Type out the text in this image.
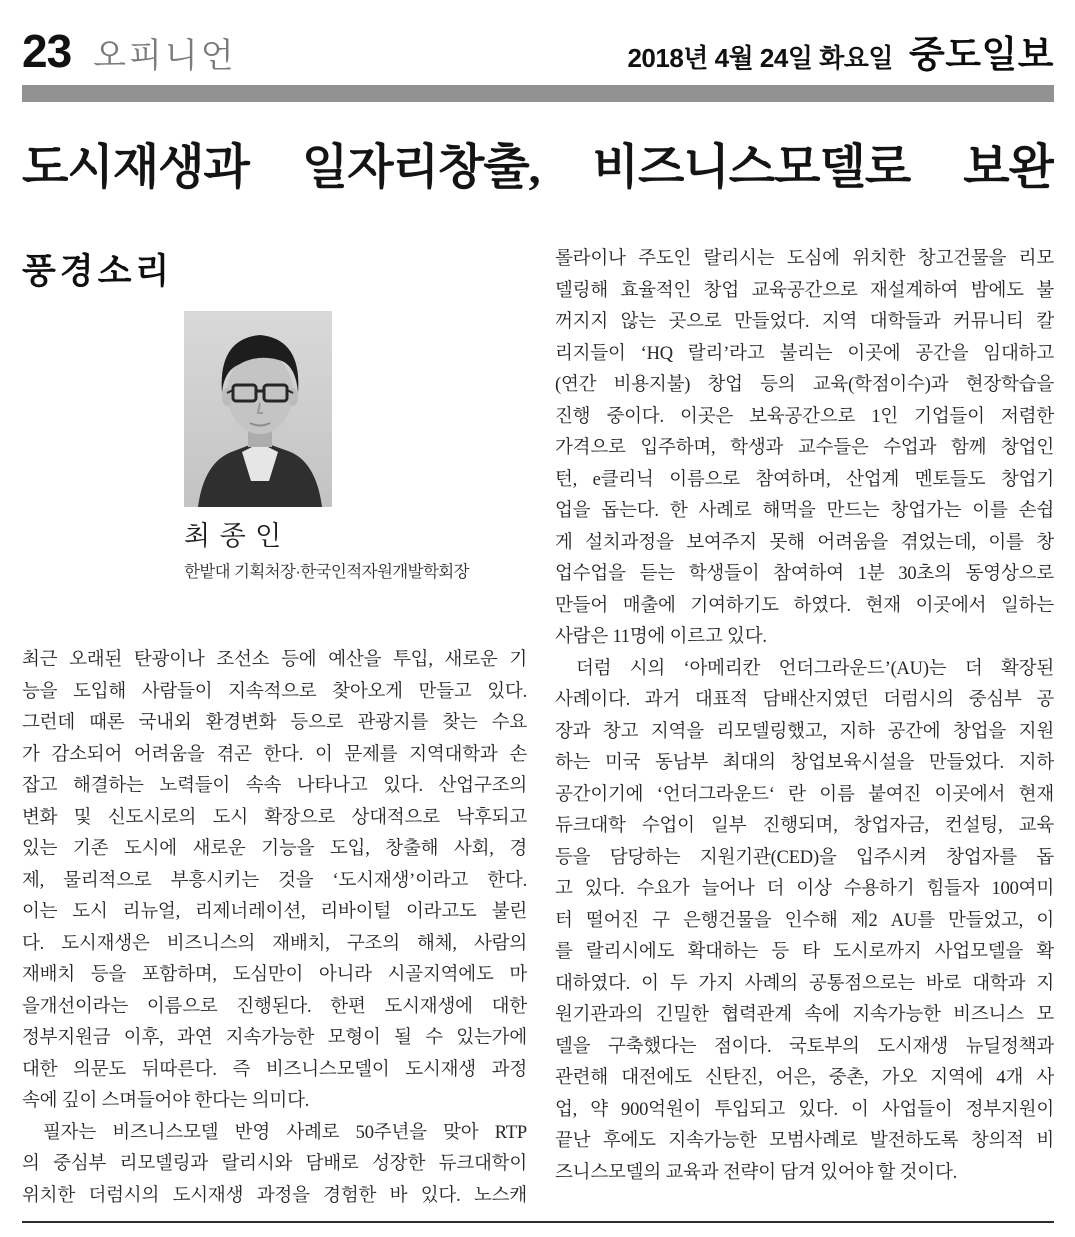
23 오피니언	2018년 4월 24일 화요일 중도일보
도시재생과 일자리창출, 비즈니스모델로 보완
풍경소리
최 종 인
한밭대 기획처장·한국인적자원개발학회장
최근 오래된 탄광이나 조선소 등에 예산을 투입, 새로운 기
능을 도입해 사람들이 지속적으로 찾아오게 만들고 있다.
그런데 때론 국내외 환경변화 등으로 관광지를 찾는 수요
가 감소되어 어려움을 겪곤 한다. 이 문제를 지역대학과 손
잡고 해결하는 노력들이 속속 나타나고 있다. 산업구조의
변화 및 신도시로의 도시 확장으로 상대적으로 낙후되고
있는 기존 도시에 새로운 기능을 도입, 창출해 사회, 경
제, 물리적으로 부흥시키는 것을 ‘도시재생’이라고 한다.
이는 도시 리뉴얼, 리제너레이션, 리바이털 이라고도 불린
다. 도시재생은 비즈니스의 재배치, 구조의 해체, 사람의
재배치 등을 포함하며, 도심만이 아니라 시골지역에도 마
을개선이라는 이름으로 진행된다. 한편 도시재생에 대한
정부지원금 이후, 과연 지속가능한 모형이 될 수 있는가에
대한 의문도 뒤따른다. 즉 비즈니스모델이 도시재생 과정
속에 깊이 스며들어야 한다는 의미다.
필자는 비즈니스모델 반영 사례로 50주년을 맞아 RTP
의 중심부 리모델링과 랄리시와 담배로 성장한 듀크대학이
위치한 더럼시의 도시재생 과정을 경험한 바 있다. 노스캐
롤라이나 주도인 랄리시는 도심에 위치한 창고건물을 리모
델링해 효율적인 창업 교육공간으로 재설계하여 밤에도 불
꺼지지 않는 곳으로 만들었다. 지역 대학들과 커뮤니티 칼
리지들이 ‘HQ 랄리’라고 불리는 이곳에 공간을 임대하고
(연간 비용지불) 창업 등의 교육(학점이수)과 현장학습을
진행 중이다. 이곳은 보육공간으로 1인 기업들이 저렴한
가격으로 입주하며, 학생과 교수들은 수업과 함께 창업인
턴, e클리닉 이름으로 참여하며, 산업계 멘토들도 창업기
업을 돕는다. 한 사례로 해먹을 만드는 창업가는 이를 손쉽
게 설치과정을 보여주지 못해 어려움을 겪었는데, 이를 창
업수업을 듣는 학생들이 참여하여 1분 30초의 동영상으로
만들어 매출에 기여하기도 하였다. 현재 이곳에서 일하는
사람은 11명에 이르고 있다.
더럼 시의 ‘아메리칸 언더그라운드’(AU)는 더 확장된
사례이다. 과거 대표적 담배산지였던 더럼시의 중심부 공
장과 창고 지역을 리모델링했고, 지하 공간에 창업을 지원
하는 미국 동남부 최대의 창업보육시설을 만들었다. 지하
공간이기에 ‘언더그라운드‘ 란 이름 붙여진 이곳에서 현재
듀크대학 수업이 일부 진행되며, 창업자금, 컨설팅, 교육
등을 담당하는 지원기관(CED)을 입주시켜 창업자를 돕
고 있다. 수요가 늘어나 더 이상 수용하기 힘들자 100여미
터 떨어진 구 은행건물을 인수해 제2 AU를 만들었고, 이
를 랄리시에도 확대하는 등 타 도시로까지 사업모델을 확
대하였다. 이 두 가지 사례의 공통점으로는 바로 대학과 지
원기관과의 긴밀한 협력관계 속에 지속가능한 비즈니스 모
델을 구축했다는 점이다. 국토부의 도시재생 뉴딜정책과
관련해 대전에도 신탄진, 어은, 중촌, 가오 지역에 4개 사
업, 약 900억원이 투입되고 있다. 이 사업들이 정부지원이
끝난 후에도 지속가능한 모범사례로 발전하도록 창의적 비
즈니스모델의 교육과 전략이 담겨 있어야 할 것이다.
